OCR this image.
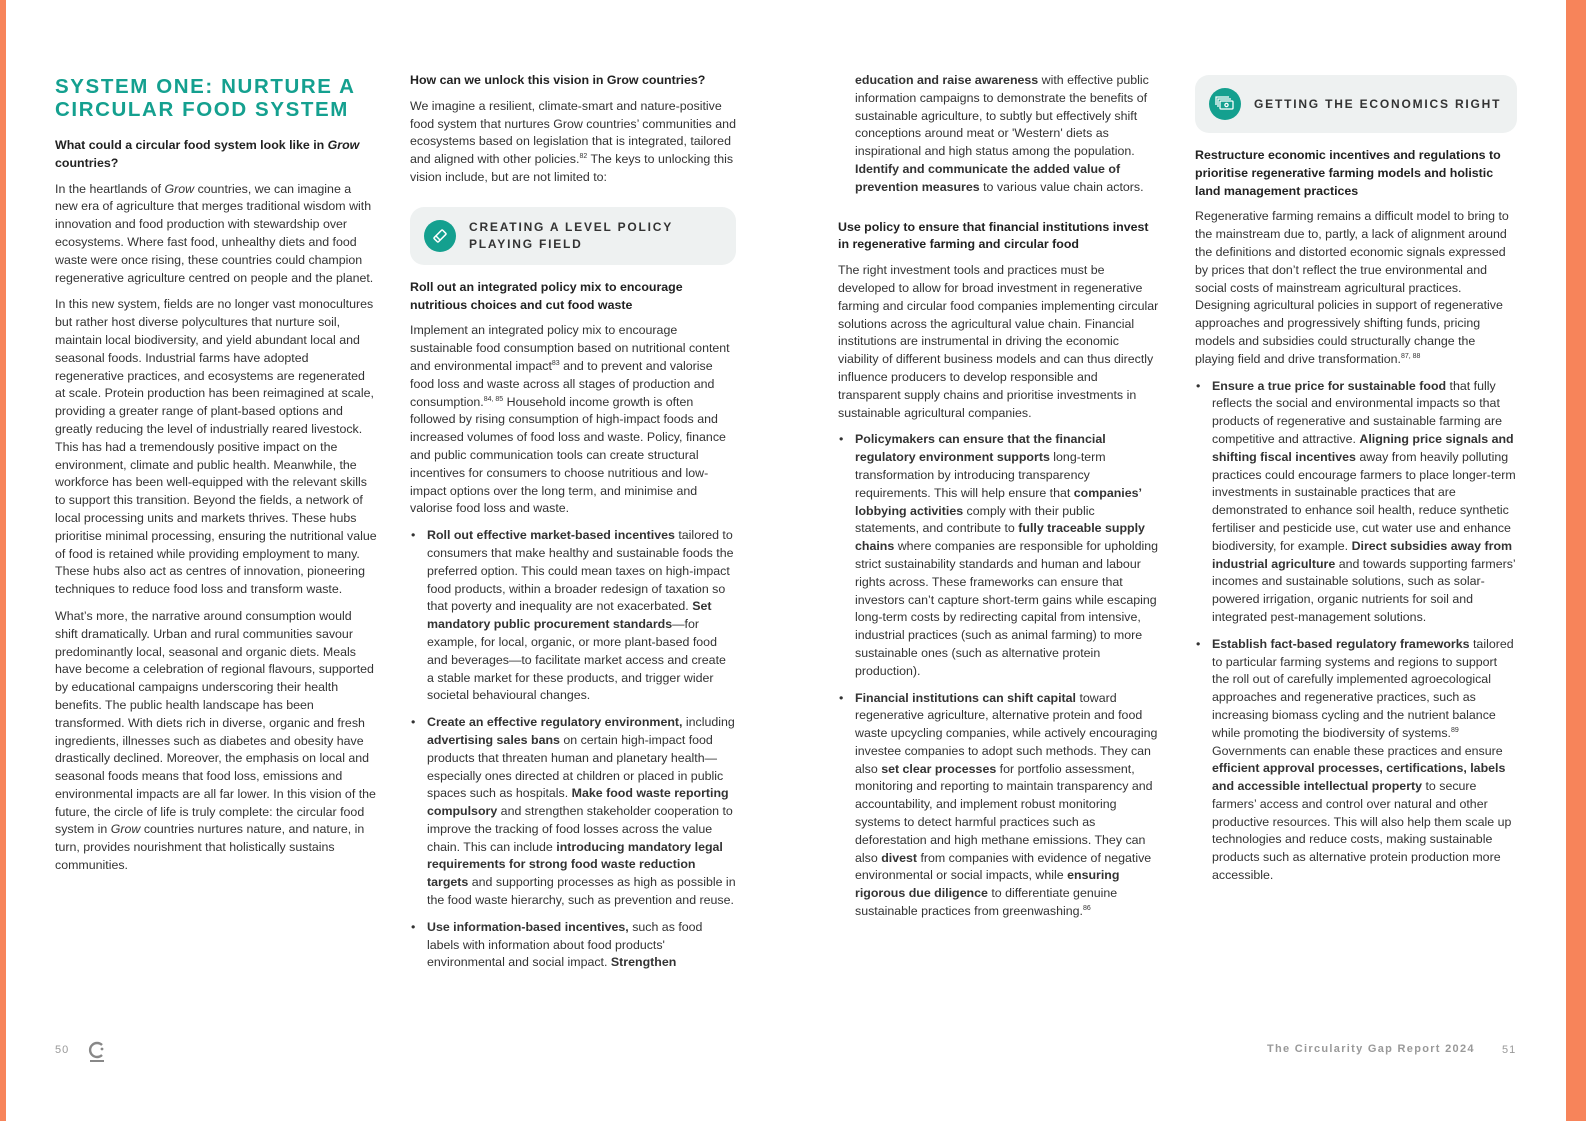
SYSTEM ONE: NURTURE A CIRCULAR FOOD SYSTEM
What could a circular food system look like in Grow countries?

In the heartlands of Grow countries, we can imagine a new era of agriculture that merges traditional wisdom with innovation and food production with stewardship over ecosystems. Where fast food, unhealthy diets and food waste were once rising, these countries could champion regenerative agriculture centred on people and the planet.

In this new system, fields are no longer vast monocultures but rather host diverse polycultures that nurture soil, maintain local biodiversity, and yield abundant local and seasonal foods. Industrial farms have adopted regenerative practices, and ecosystems are regenerated at scale. Protein production has been reimagined at scale, providing a greater range of plant-based options and greatly reducing the level of industrially reared livestock. This has had a tremendously positive impact on the environment, climate and public health. Meanwhile, the workforce has been well-equipped with the relevant skills to support this transition. Beyond the fields, a network of local processing units and markets thrives. These hubs prioritise minimal processing, ensuring the nutritional value of food is retained while providing employment to many. These hubs also act as centres of innovation, pioneering techniques to reduce food loss and transform waste.

What’s more, the narrative around consumption would shift dramatically. Urban and rural communities savour predominantly local, seasonal and organic diets. Meals have become a celebration of regional flavours, supported by educational campaigns underscoring their health benefits. The public health landscape has been transformed. With diets rich in diverse, organic and fresh ingredients, illnesses such as diabetes and obesity have drastically declined. Moreover, the emphasis on local and seasonal foods means that food loss, emissions and environmental impacts are all far lower. In this vision of the future, the circle of life is truly complete: the circular food system in Grow countries nurtures nature, and nature, in turn, provides nourishment that holistically sustains communities.

How can we unlock this vision in Grow countries?

We imagine a resilient, climate-smart and nature-positive food system that nurtures Grow countries’ communities and ecosystems based on legislation that is integrated, tailored and aligned with other policies.$^{82}$ The keys to unlocking this vision include, but are not limited to:

CREATING A LEVEL POLICY PLAYING FIELD
Roll out an integrated policy mix to encourage nutritious choices and cut food waste

Implement an integrated policy mix to encourage sustainable food consumption based on nutritional content and environmental impact$^{83}$ and to prevent and valorise food loss and waste across all stages of production and consumption.$^{84, 85}$ Household income growth is often followed by rising consumption of high-impact foods and increased volumes of food loss and waste. Policy, finance and public communication tools can create structural incentives for consumers to choose nutritious and low-impact options over the long term, and minimise and valorise food loss and waste.

• Roll out effective market-based incentives tailored to consumers that make healthy and sustainable foods the preferred option. This could mean taxes on high-impact food products, within a broader redesign of taxation so that poverty and inequality are not exacerbated. Set mandatory public procurement standards—for example, for local, organic, or more plant-based food and beverages—to facilitate market access and create a stable market for these products, and trigger wider societal behavioural changes.
• Create an effective regulatory environment, including advertising sales bans on certain high-impact food products that threaten human and planetary health—especially ones directed at children or placed in public spaces such as hospitals. Make food waste reporting compulsory and strengthen stakeholder cooperation to improve the tracking of food losses across the value chain. This can include introducing mandatory legal requirements for strong food waste reduction targets and supporting processes as high as possible in the food waste hierarchy, such as prevention and reuse.
• Use information-based incentives, such as food labels with information about food products' environmental and social impact. Strengthen

education and raise awareness with effective public information campaigns to demonstrate the benefits of sustainable agriculture, to subtly but effectively shift conceptions around meat or 'Western' diets as inspirational and high status among the population. Identify and communicate the added value of prevention measures to various value chain actors.

Use policy to ensure that financial institutions invest in regenerative farming and circular food

The right investment tools and practices must be developed to allow for broad investment in regenerative farming and circular food companies implementing circular solutions across the agricultural value chain. Financial institutions are instrumental in driving the economic viability of different business models and can thus directly influence producers to develop responsible and transparent supply chains and prioritise investments in sustainable agricultural companies.

• Policymakers can ensure that the financial regulatory environment supports long-term transformation by introducing transparency requirements. This will help ensure that companies’ lobbying activities comply with their public statements, and contribute to fully traceable supply chains where companies are responsible for upholding strict sustainability standards and human and labour rights across. These frameworks can ensure that investors can’t capture short-term gains while escaping long-term costs by redirecting capital from intensive, industrial practices (such as animal farming) to more sustainable ones (such as alternative protein production).
• Financial institutions can shift capital toward regenerative agriculture, alternative protein and food waste upcycling companies, while actively encouraging investee companies to adopt such methods. They can also set clear processes for portfolio assessment, monitoring and reporting to maintain transparency and accountability, and implement robust monitoring systems to detect harmful practices such as deforestation and high methane emissions. They can also divest from companies with evidence of negative environmental or social impacts, while ensuring rigorous due diligence to differentiate genuine sustainable practices from greenwashing.$^{86}$
GETTING THE ECONOMICS RIGHT
Restructure economic incentives and regulations to prioritise regenerative farming models and holistic land management practices

Regenerative farming remains a difficult model to bring to the mainstream due to, partly, a lack of alignment around the definitions and distorted economic signals expressed by prices that don’t reflect the true environmental and social costs of mainstream agricultural practices. Designing agricultural policies in support of regenerative approaches and progressively shifting funds, pricing models and subsidies could structurally change the playing field and drive transformation.$^{87, 88}$

• Ensure a true price for sustainable food that fully reflects the social and environmental impacts so that products of regenerative and sustainable farming are competitive and attractive. Aligning price signals and shifting fiscal incentives away from heavily polluting practices could encourage farmers to place longer-term investments in sustainable practices that are demonstrated to enhance soil health, reduce synthetic fertiliser and pesticide use, cut water use and enhance biodiversity, for example. Direct subsidies away from industrial agriculture and towards supporting farmers’ incomes and sustainable solutions, such as solar-powered irrigation, organic nutrients for soil and integrated pest-management solutions.
• Establish fact-based regulatory frameworks tailored to particular farming systems and regions to support the roll out of carefully implemented agroecological approaches and regenerative practices, such as increasing biomass cycling and the nutrient balance while promoting the biodiversity of systems.$^{89}$ Governments can enable these practices and ensure efficient approval processes, certifications, labels and accessible intellectual property to secure farmers’ access and control over natural and other productive resources. This will also help them scale up technologies and reduce costs, making sustainable products such as alternative protein production more accessible.
50	The Circularity Gap Report 2024 51
